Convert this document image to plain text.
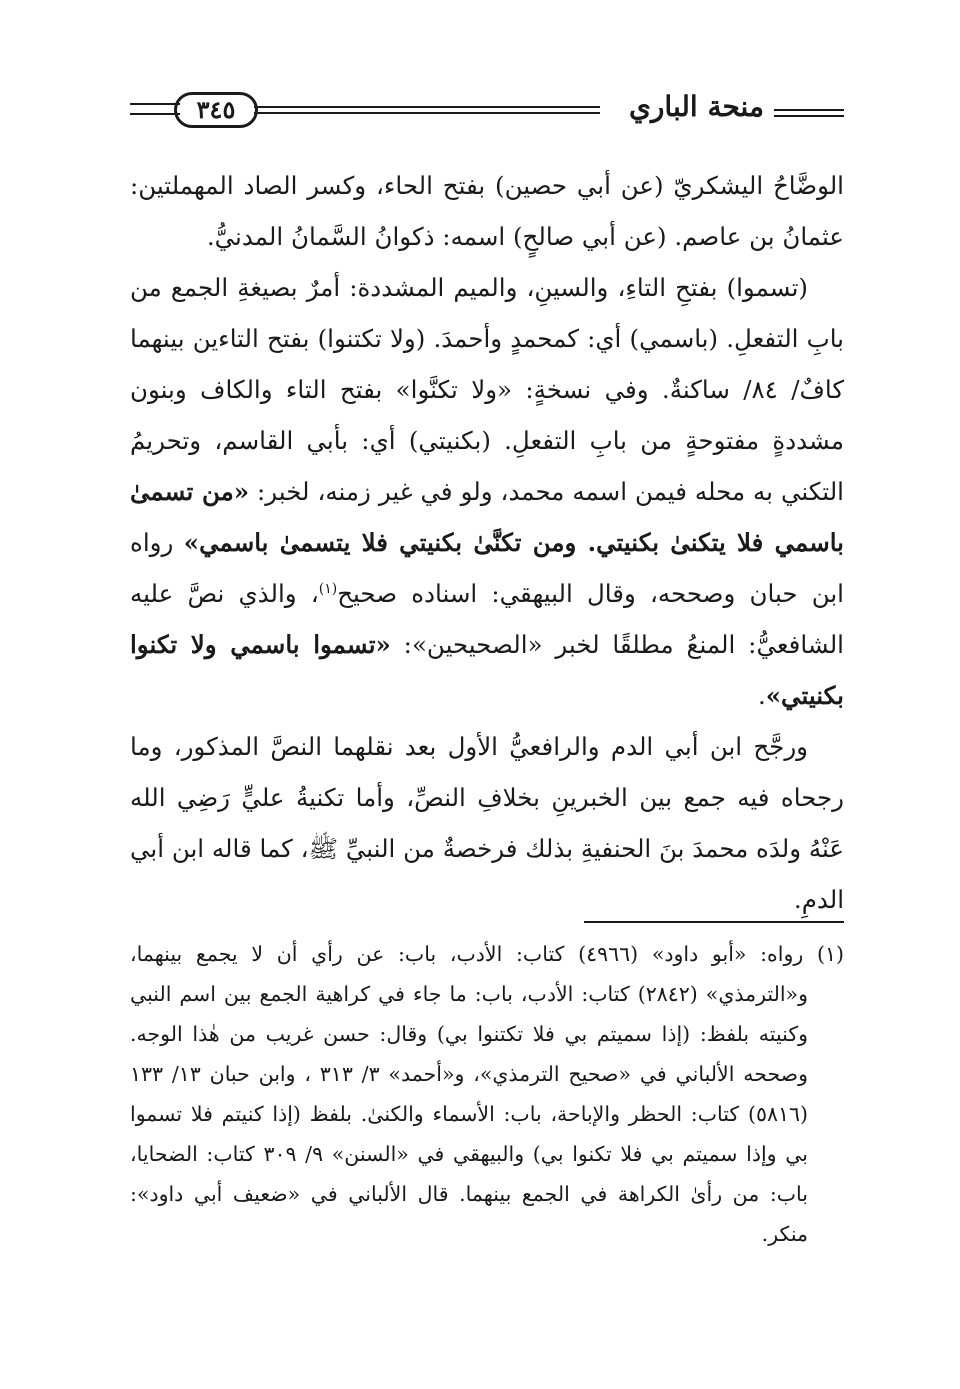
منحة الباري
٣٤٥

الوضَّاحُ اليشكريّ (عن أبي حصين) بفتح الحاء، وكسر الصاد المهملتين: عثمانُ بن عاصم. (عن أبي صالحٍ) اسمه: ذكوانُ السَّمانُ المدنيُّ.

(تسموا) بفتحِ التاءِ، والسينِ، والميم المشددة: أمرٌ بصيغةِ الجمع من بابِ التفعلِ. (باسمي) أي: كمحمدٍ وأحمدَ. (ولا تكتنوا) بفتح التاءين بينهما كافٌ/ ٨٤/ ساكنةٌ. وفي نسخةٍ: «ولا تكنَّوا» بفتح التاء والكاف وبنون مشددةٍ مفتوحةٍ من بابِ التفعلِ. (بكنيتي) أي: بأبي القاسم، وتحريمُ التكني به محله فيمن اسمه محمد، ولو في غير زمنه، لخبر: «من تسمىٰ باسمي فلا يتكنىٰ بكنيتي. ومن تكنَّىٰ بكنيتي فلا يتسمىٰ باسمي» رواه ابن حبان وصححه، وقال البيهقي: اسناده صحيح$^{(١)}$، والذي نصَّ عليه الشافعيُّ: المنعُ مطلقًا لخبر «الصحيحين»: «تسموا باسمي ولا تكنوا بكنيتي».

ورجَّح ابن أبي الدم والرافعيُّ الأول بعد نقلهما النصَّ المذكور، وما رجحاه فيه جمع بين الخبرينِ بخلافِ النصِّ، وأما تكنيةُ عليٍّ رَضِي الله عَنْهُ ولدَه محمدَ بنَ الحنفيةِ بذلك فرخصةٌ من النبيِّ ﷺ، كما قاله ابن أبي الدمِ.

(١) رواه: «أبو داود» (٤٩٦٦) كتاب: الأدب، باب: عن رأي أن لا يجمع بينهما، و«الترمذي» (٢٨٤٢) كتاب: الأدب، باب: ما جاء في كراهية الجمع بين اسم النبي وكنيته بلفظ: (إذا سميتم بي فلا تكتنوا بي) وقال: حسن غريب من هٰذا الوجه. وصححه الألباني في «صحيح الترمذي»، و«أحمد» ٣/ ٣١٣ ، وابن حبان ١٣/ ١٣٣ (٥٨١٦) كتاب: الحظر والإباحة، باب: الأسماء والكنىٰ. بلفظ (إذا كنيتم فلا تسموا بي وإذا سميتم بي فلا تكنوا بي) والبيهقي في «السنن» ٩/ ٣٠٩ كتاب: الضحايا، باب: من رأىٰ الكراهة في الجمع بينهما. قال الألباني في «ضعيف أبي داود»: منكر.
